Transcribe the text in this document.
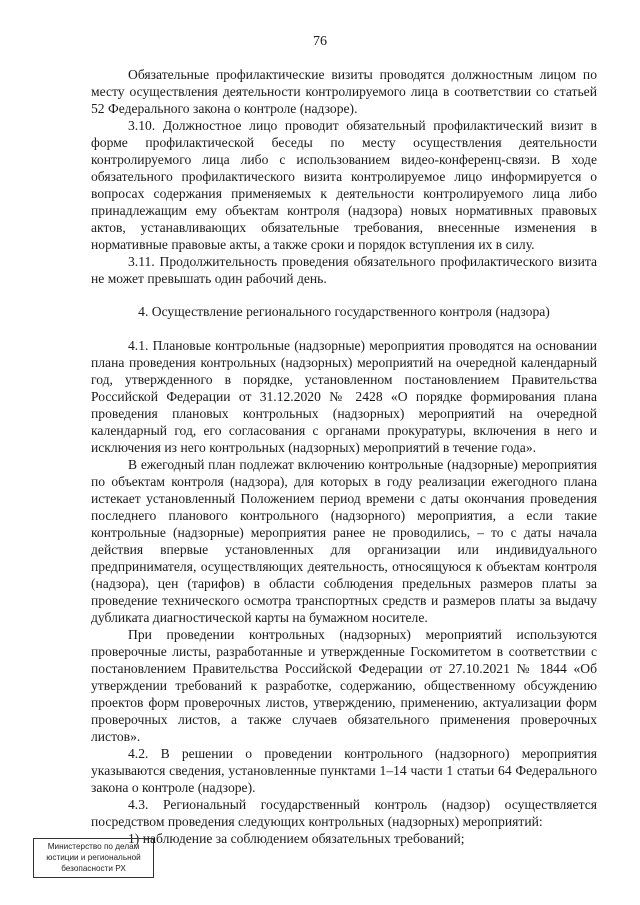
76

Обязательные профилактические визиты проводятся должностным лицом по месту осуществления деятельности контролируемого лица в соответствии со статьей 52 Федерального закона о контроле (надзоре).

3.10. Должностное лицо проводит обязательный профилактический визит в форме профилактической беседы по месту осуществления деятельности контролируемого лица либо с использованием видео-конференц-связи. В ходе обязательного профилактического визита контролируемое лицо информируется о вопросах содержания применяемых к деятельности контролируемого лица либо принадлежащим ему объектам контроля (надзора) новых нормативных правовых актов, устанавливающих обязательные требования, внесенные изменения в нормативные правовые акты, а также сроки и порядок вступления их в силу.

3.11. Продолжительность проведения обязательного профилактического визита не может превышать один рабочий день.

4. Осуществление регионального государственного контроля (надзора)

4.1. Плановые контрольные (надзорные) мероприятия проводятся на основании плана проведения контрольных (надзорных) мероприятий на очередной календарный год, утвержденного в порядке, установленном постановлением Правительства Российской Федерации от 31.12.2020 № 2428 «О порядке формирования плана проведения плановых контрольных (надзорных) мероприятий на очередной календарный год, его согласования с органами прокуратуры, включения в него и исключения из него контрольных (надзорных) мероприятий в течение года».

В ежегодный план подлежат включению контрольные (надзорные) мероприятия по объектам контроля (надзора), для которых в году реализации ежегодного плана истекает установленный Положением период времени с даты окончания проведения последнего планового контрольного (надзорного) мероприятия, а если такие контрольные (надзорные) мероприятия ранее не проводились, – то с даты начала действия впервые установленных для организации или индивидуального предпринимателя, осуществляющих деятельность, относящуюся к объектам контроля (надзора), цен (тарифов) в области соблюдения предельных размеров платы за проведение технического осмотра транспортных средств и размеров платы за выдачу дубликата диагностической карты на бумажном носителе.

При проведении контрольных (надзорных) мероприятий используются проверочные листы, разработанные и утвержденные Госкомитетом в соответствии с постановлением Правительства Российской Федерации от 27.10.2021 № 1844 «Об утверждении требований к разработке, содержанию, общественному обсуждению проектов форм проверочных листов, утверждению, применению, актуализации форм проверочных листов, а также случаев обязательного применения проверочных листов».

4.2. В решении о проведении контрольного (надзорного) мероприятия указываются сведения, установленные пунктами 1–14 части 1 статьи 64 Федерального закона о контроле (надзоре).

4.3. Региональный государственный контроль (надзор) осуществляется посредством проведения следующих контрольных (надзорных) мероприятий:

1) наблюдение за соблюдением обязательных требований;

Министерство по делам
юстиции и региональной
безопасности РХ
